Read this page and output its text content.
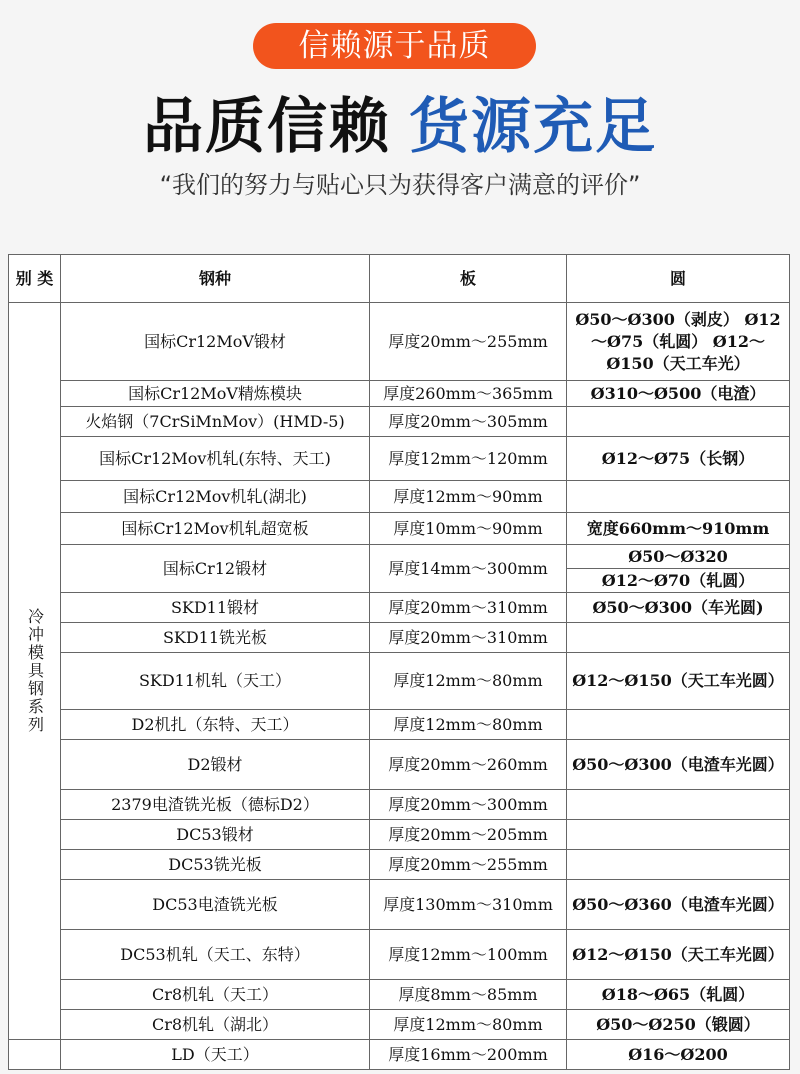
信赖源于品质
品质信赖 货源充足
“我们的努力与贴心只为获得客户满意的评价”
别 类	钢种	板	圆

冷冲模具钢系列	国标Cr12MoV锻材	厚度20mm～255mm	Ø50～Ø300（剥皮） Ø12～Ø75（轧圆） Ø12～Ø150（天工车光）
	国标Cr12MoV精炼模块	厚度260mm～365mm	Ø310～Ø500（电渣）
	火焰钢（7CrSiMnMov）(HMD-5)	厚度20mm～305mm	
	国标Cr12Mov机轧(东特、天工)	厚度12mm～120mm	Ø12～Ø75（长钢）
	国标Cr12Mov机轧(湖北)	厚度12mm～90mm	
	国标Cr12Mov机轧超宽板	厚度10mm～90mm	宽度660mm～910mm
	国标Cr12锻材	厚度14mm～300mm	Ø50～Ø320
			Ø12～Ø70（轧圆）
	SKD11锻材	厚度20mm～310mm	Ø50～Ø300（车光圆)
	SKD11铣光板	厚度20mm～310mm	
	SKD11机轧（天工）	厚度12mm～80mm	Ø12～Ø150（天工车光圆）
	D2机扎（东特、天工）	厚度12mm～80mm	
	D2锻材	厚度20mm～260mm	Ø50～Ø300（电渣车光圆）
	2379电渣铣光板（德标D2）	厚度20mm～300mm	
	DC53锻材	厚度20mm～205mm	
	DC53铣光板	厚度20mm～255mm	
	DC53电渣铣光板	厚度130mm～310mm	Ø50～Ø360（电渣车光圆）
	DC53机轧（天工、东特）	厚度12mm～100mm	Ø12～Ø150（天工车光圆）
	Cr8机轧（天工）	厚度8mm～85mm	Ø18～Ø65（轧圆）
	Cr8机轧（湖北）	厚度12mm～80mm	Ø50～Ø250（锻圆）
	LD（天工）	厚度16mm～200mm	Ø16～Ø200
